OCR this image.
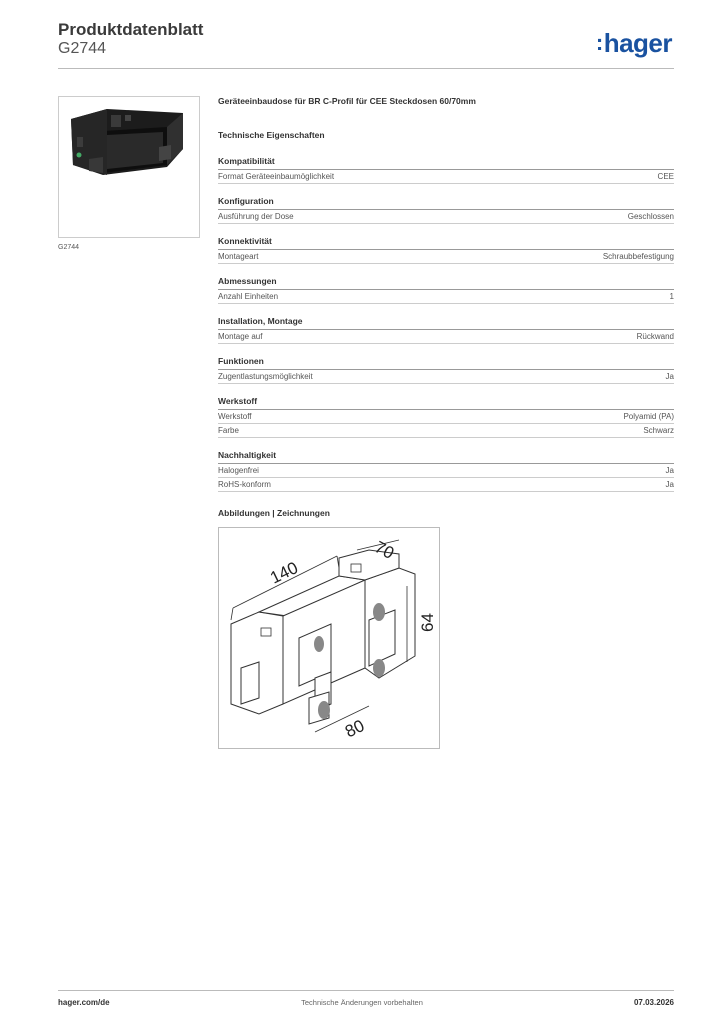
Produktdatenblatt
G2744	:hager
G2744
Geräteeinbaudose für BR C-Profil für CEE Steckdosen 60/70mm
Technische Eigenschaften
Kompatibilität
Format Geräteeinbaumöglichkeit	CEE
Konfiguration
Ausführung der Dose	Geschlossen
Konnektivität
Montageart	Schraubbefestigung
Abmessungen
Anzahl Einheiten	1
Installation, Montage
Montage auf	Rückwand
Funktionen
Zugentlastungsmöglichkeit	Ja
Werkstoff
Werkstoff	Polyamid (PA)
Farbe	Schwarz
Nachhaltigkeit
Halogenfrei	Ja
RoHS-konform	Ja
Abbildungen | Zeichnungen
140
70
64
80
hager.com/de	Technische Änderungen vorbehalten	07.03.2026
